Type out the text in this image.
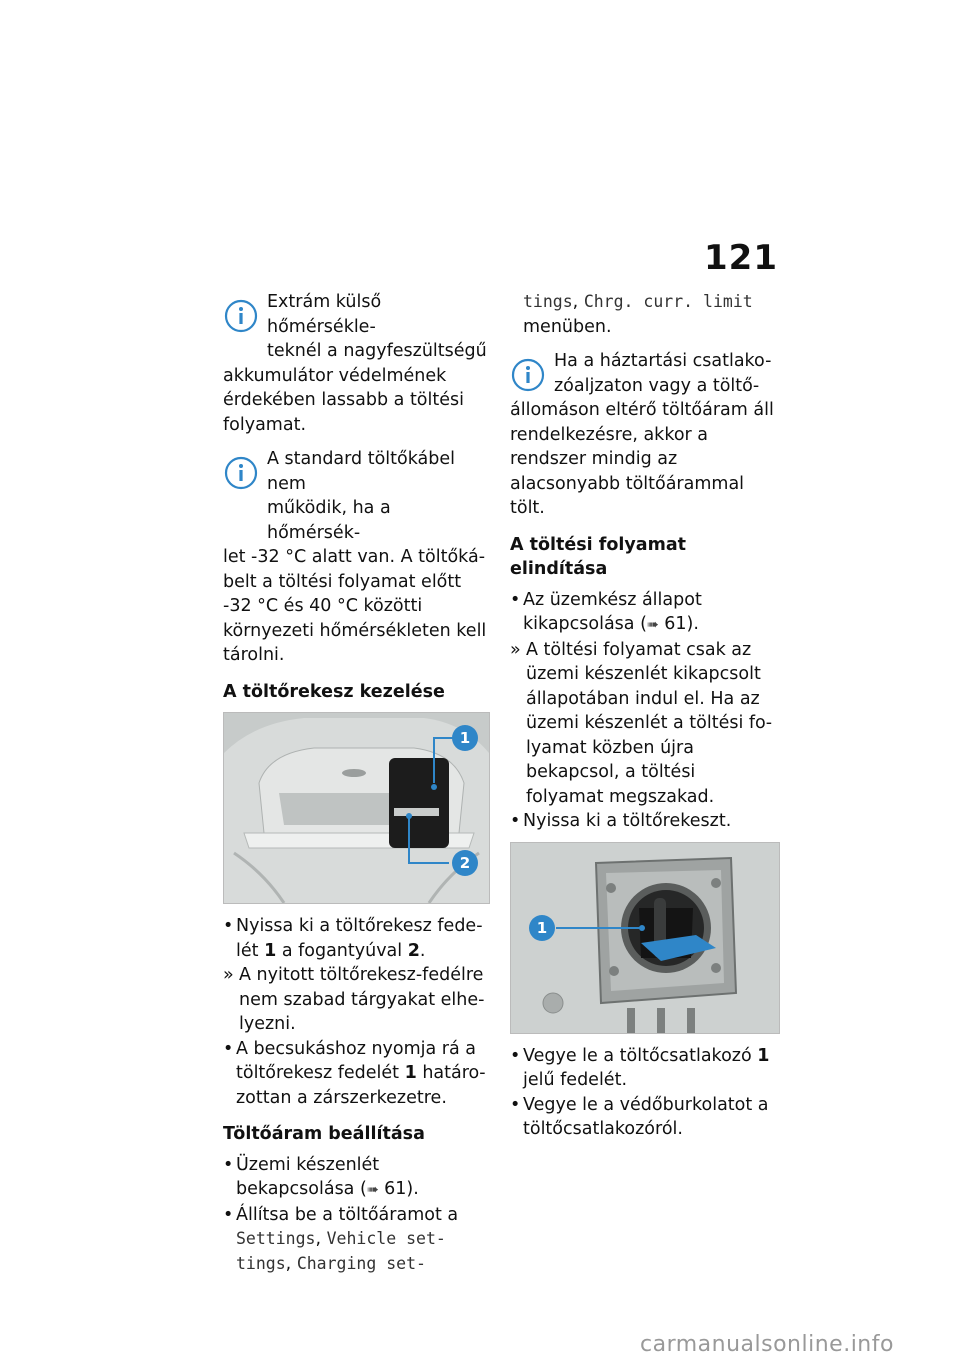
121
Extrám külső hőmérsékle-
teknél a nagyfeszültségű
akkumulátor védelmének érdekében lassabb a töltési folyamat.
A standard töltőkábel nem
működik, ha a hőmérsék-
let -32 °C alatt van. A töltőkábelt a töltési folyamat előtt -32 °C és 40 °C közötti környezeti hőmérsékleten kell tárolni.

A töltőrekesz kezelése

1
2

• Nyissa ki a töltőrekesz fedelét 1 a fogantyúval 2.

» A nyitott töltőrekesz-fedélre nem szabad tárgyakat elhelyezni.

• A becsukáshoz nyomja rá a töltőrekesz fedelét 1 határozottan a zárszerkezetre.

Töltőáram beállítása

• Üzemi készenlét bekapcsolása (➠ 61).

• Állítsa be a töltőáramot a Settings, Vehicle settings, Charging set-

tings, Chrg. curr. limit menüben.

Ha a háztartási csatlako-
zóaljzaton vagy a töltő-
állomáson eltérő töltőáram áll rendelkezésre, akkor a rendszer mindig az alacsonyabb töltőárammal tölt.

A töltési folyamat elindítása

• Az üzemkész állapot kikapcsolása (➠ 61).

» A töltési folyamat csak az üzemi készenlét kikapcsolt állapotában indul el. Ha az üzemi készenlét a töltési folyamat közben újra bekapcsol, a töltési folyamat megszakad.

• Nyissa ki a töltőrekeszt.

1

• Vegye le a töltőcsatlakozó 1 jelű fedelét.

• Vegye le a védőburkolatot a töltőcsatlakozóról.

carmanualsonline.info
